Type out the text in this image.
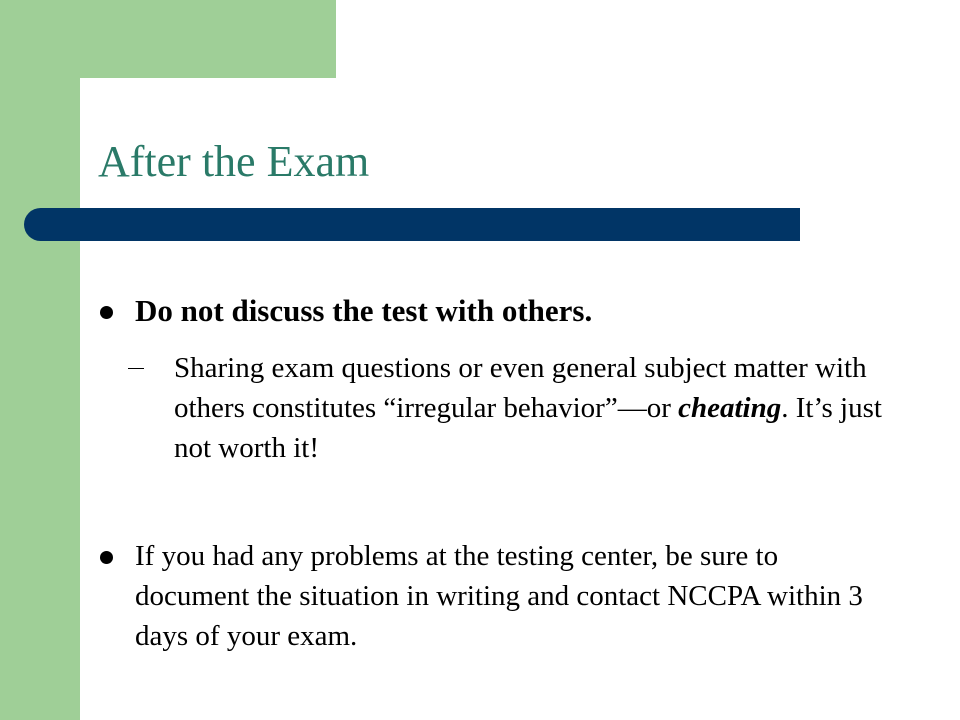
After the Exam
Do not discuss the test with others.
Sharing exam questions or even general subject matter with others constitutes “irregular behavior”—or cheating. It’s just not worth it!
If you had any problems at the testing center, be sure to document the situation in writing and contact NCCPA within 3 days of your exam.
